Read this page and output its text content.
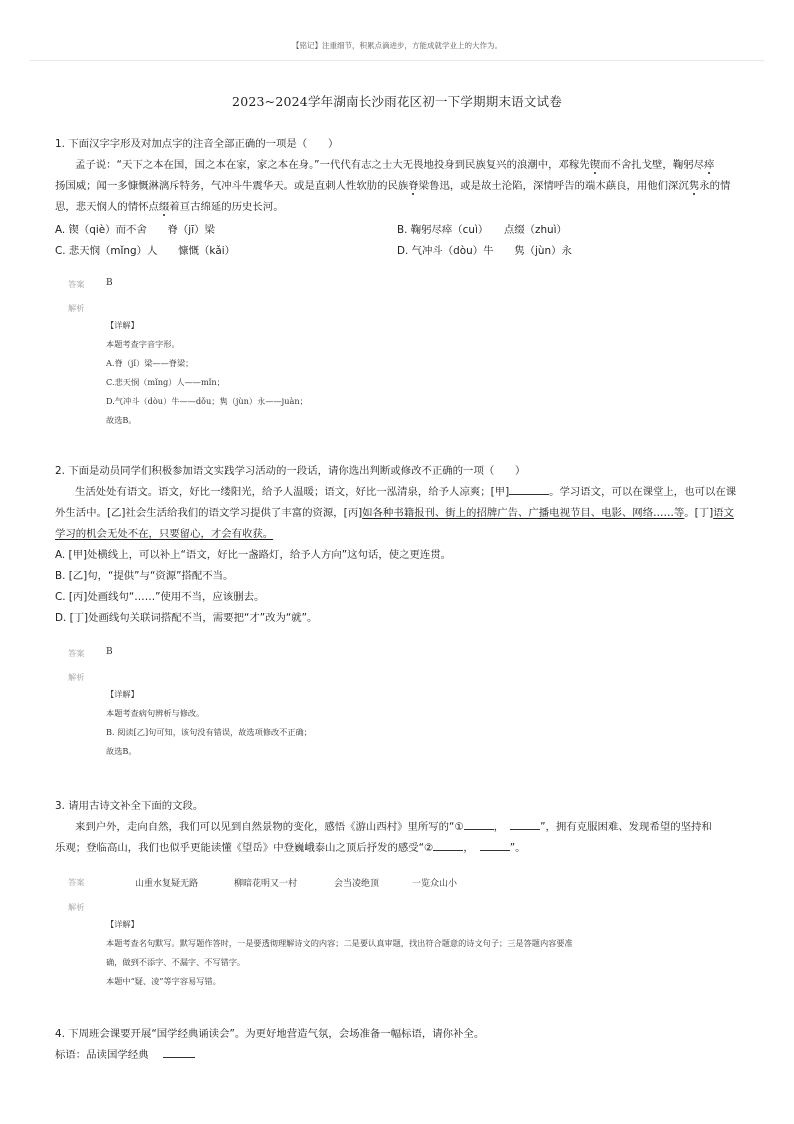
【铭记】注重细节，积累点滴进步，方能成就学业上的大作为。
2023~2024学年湖南长沙雨花区初一下学期期末语文试卷
1. 下面汉字字形及对加点字的注音全部正确的一项是（　　）
孟子说：“天下之本在国，国之本在家，家之本在身。”一代代有志之士大无畏地投身到民族复兴的浪潮中，邓稼先锲而不舍扎戈壁，鞠躬尽瘁
扬国威；闻一多慷慨淋漓斥特务，气冲斗牛震华天。或是直刺人性软肋的民族脊梁鲁迅，或是故土沦陷，深情呼告的端木蕻良，用他们深沉隽永的情
思，悲天悯人的情怀点缀着亘古绵延的历史长河。
A. 锲（qiè）而不舍　　脊（jī）梁	B. 鞠躬尽瘁（cuì）　　点缀（zhuì）
C. 悲天悯（mǐng）人　　慷慨（kǎi）	D. 气冲斗（dòu）牛　　隽（jùn）永
答案 B
解析
【详解】
本题考查字音字形。
A.脊（jǐ）梁——脊梁；
C.悲天悯（mǐng）人——mǐn；
D.气冲斗（dòu）牛——dǒu；隽（jùn）永——juàn；
故选B。
2. 下面是动员同学们积极参加语文实践学习活动的一段话，请你选出判断或修改不正确的一项（　　）
生活处处有语文。语文，好比一缕阳光，给予人温暖；语文，好比一泓清泉，给予人凉爽；[甲]	。学习语文，可以在课堂上，也可以在课
外生活中。[乙]社会生活给我们的语文学习提供了丰富的资源，[丙]如各种书籍报刊、街上的招牌广告、广播电视节目、电影、网络……等。[丁]语文
学习的机会无处不在，只要留心，才会有收获。
A. [甲]处横线上，可以补上“语文，好比一盏路灯，给予人方向”这句话，使之更连贯。
B. [乙]句，“提供”与“资源”搭配不当。
C. [丙]处画线句“……”使用不当，应该删去。
D. [丁]处画线句关联词搭配不当，需要把“才”改为“就”。
答案 B
解析
【详解】
本题考查病句辨析与修改。
B. 阅读[乙]句可知，该句没有错误，故选项修改不正确；
故选B。
3. 请用古诗文补全下面的文段。
来到户外，走向自然，我们可以见到自然景物的变化，感悟《游山西村》里所写的“①	，	”，拥有克服困难、发现希望的坚持和
乐观；登临高山，我们也似乎更能读懂《望岳》中登巍峨泰山之顶后抒发的感受“②	，	”。
答案	山重水复疑无路	柳暗花明又一村	会当凌绝顶	一览众山小
解析
【详解】
本题考查名句默写。默写题作答时，一是要透彻理解诗文的内容；二是要认真审题，找出符合题意的诗文句子；三是答题内容要准
确，做到不添字、不漏字、不写错字。
本题中“疑、凌”等字容易写错。
4. 下周班会课要开展“国学经典诵读会”。为更好地营造气氛，会场准备一幅标语，请你补全。
标语：品读国学经典
